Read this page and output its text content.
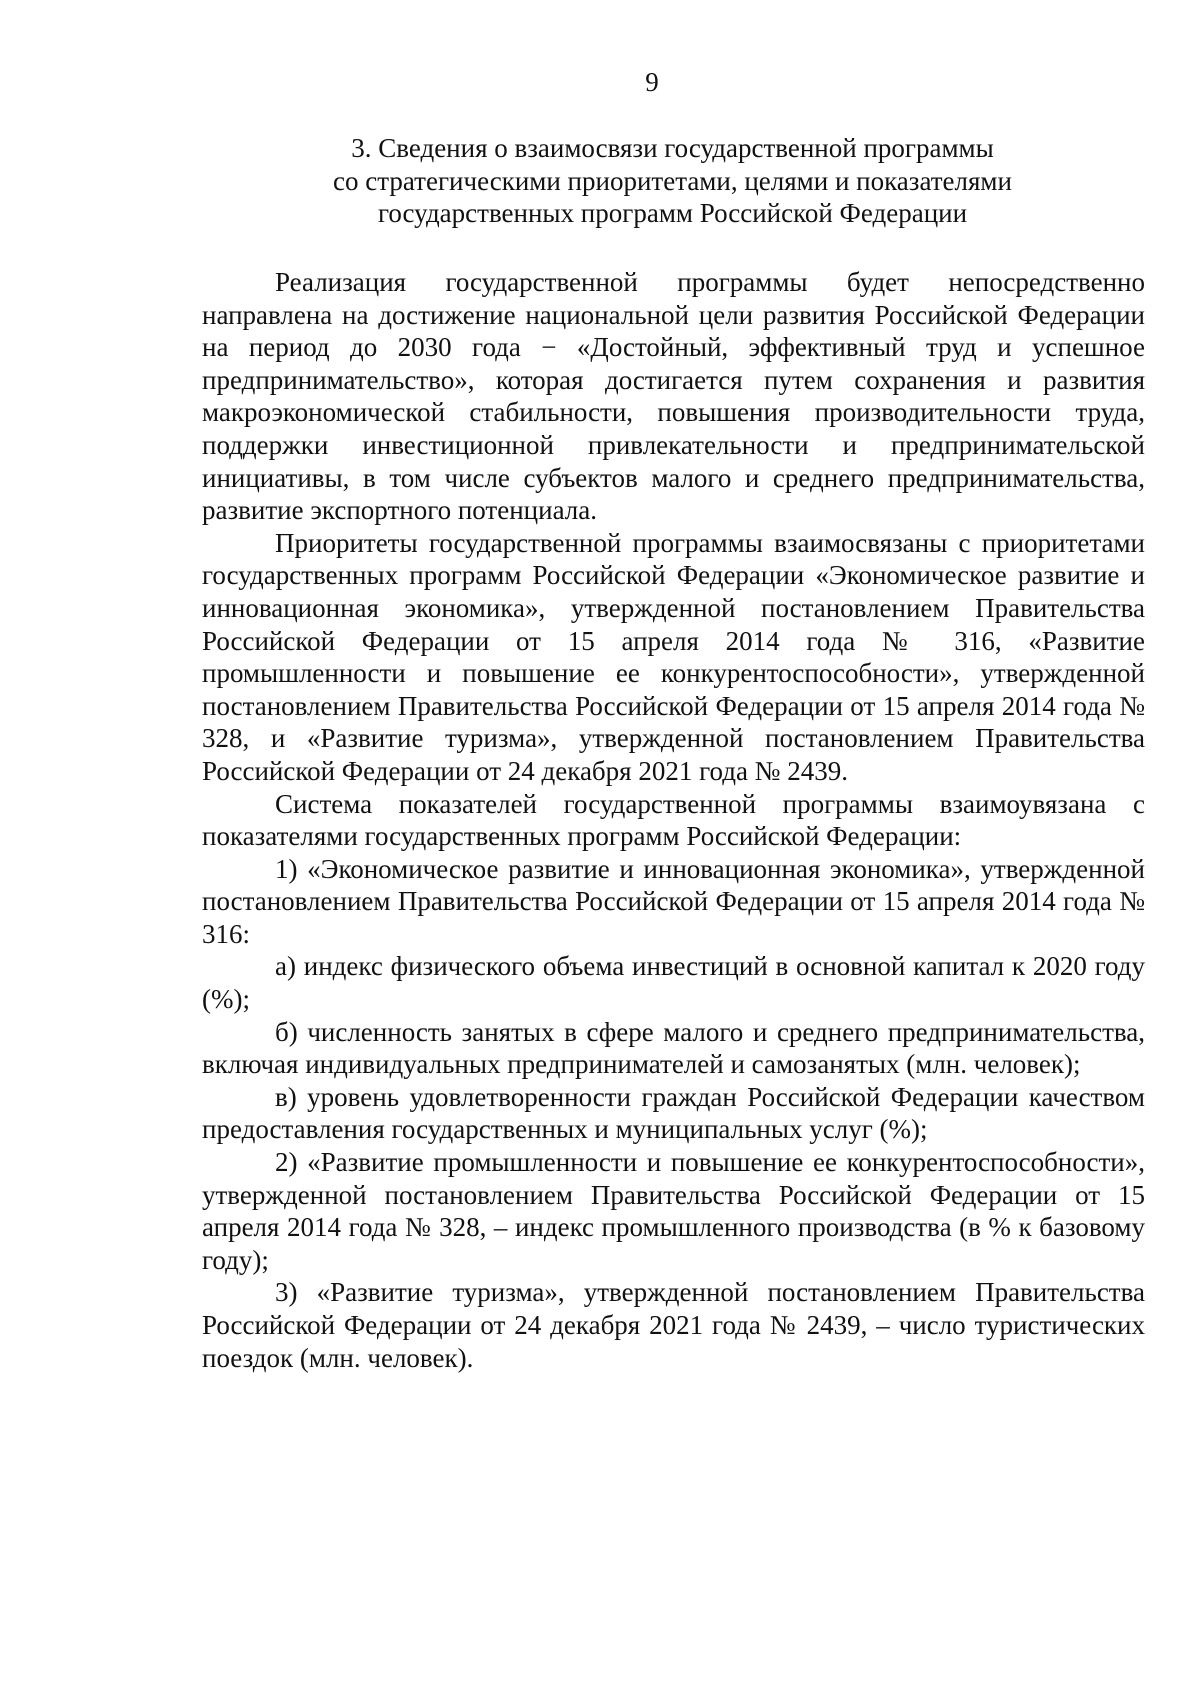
9
3. Сведения о взаимосвязи государственной программы
со стратегическими приоритетами, целями и показателями
государственных программ Российской Федерации

Реализация государственной программы будет непосредственно направлена на достижение национальной цели развития Российской Федерации на период до 2030 года − «Достойный, эффективный труд и успешное предпринимательство», которая достигается путем сохранения и развития макроэкономической стабильности, повышения производительности труда, поддержки инвестиционной привлекательности и предпринимательской инициативы, в том числе субъектов малого и среднего предпринимательства, развитие экспортного потенциала.

Приоритеты государственной программы взаимосвязаны с приоритетами государственных программ Российской Федерации «Экономическое развитие и инновационная экономика», утвержденной постановлением Правительства Российской Федерации от 15 апреля 2014 года № 316, «Развитие промышленности и повышение ее конкурентоспособности», утвержденной постановлением Правительства Российской Федерации от 15 апреля 2014 года № 328, и «Развитие туризма», утвержденной постановлением Правительства Российской Федерации от 24 декабря 2021 года № 2439.

Система показателей государственной программы взаимоувязана с показателями государственных программ Российской Федерации:

1) «Экономическое развитие и инновационная экономика», утвержденной постановлением Правительства Российской Федерации от 15 апреля 2014 года № 316:

а) индекс физического объема инвестиций в основной капитал к 2020 году (%);

б) численность занятых в сфере малого и среднего предпринимательства, включая индивидуальных предпринимателей и самозанятых (млн. человек);

в) уровень удовлетворенности граждан Российской Федерации качеством предоставления государственных и муниципальных услуг (%);

2) «Развитие промышленности и повышение ее конкурентоспособности», утвержденной постановлением Правительства Российской Федерации от 15 апреля 2014 года № 328, – индекс промышленного производства (в % к базовому году);

3) «Развитие туризма», утвержденной постановлением Правительства Российской Федерации от 24 декабря 2021 года № 2439, – число туристических поездок (млн. человек).
